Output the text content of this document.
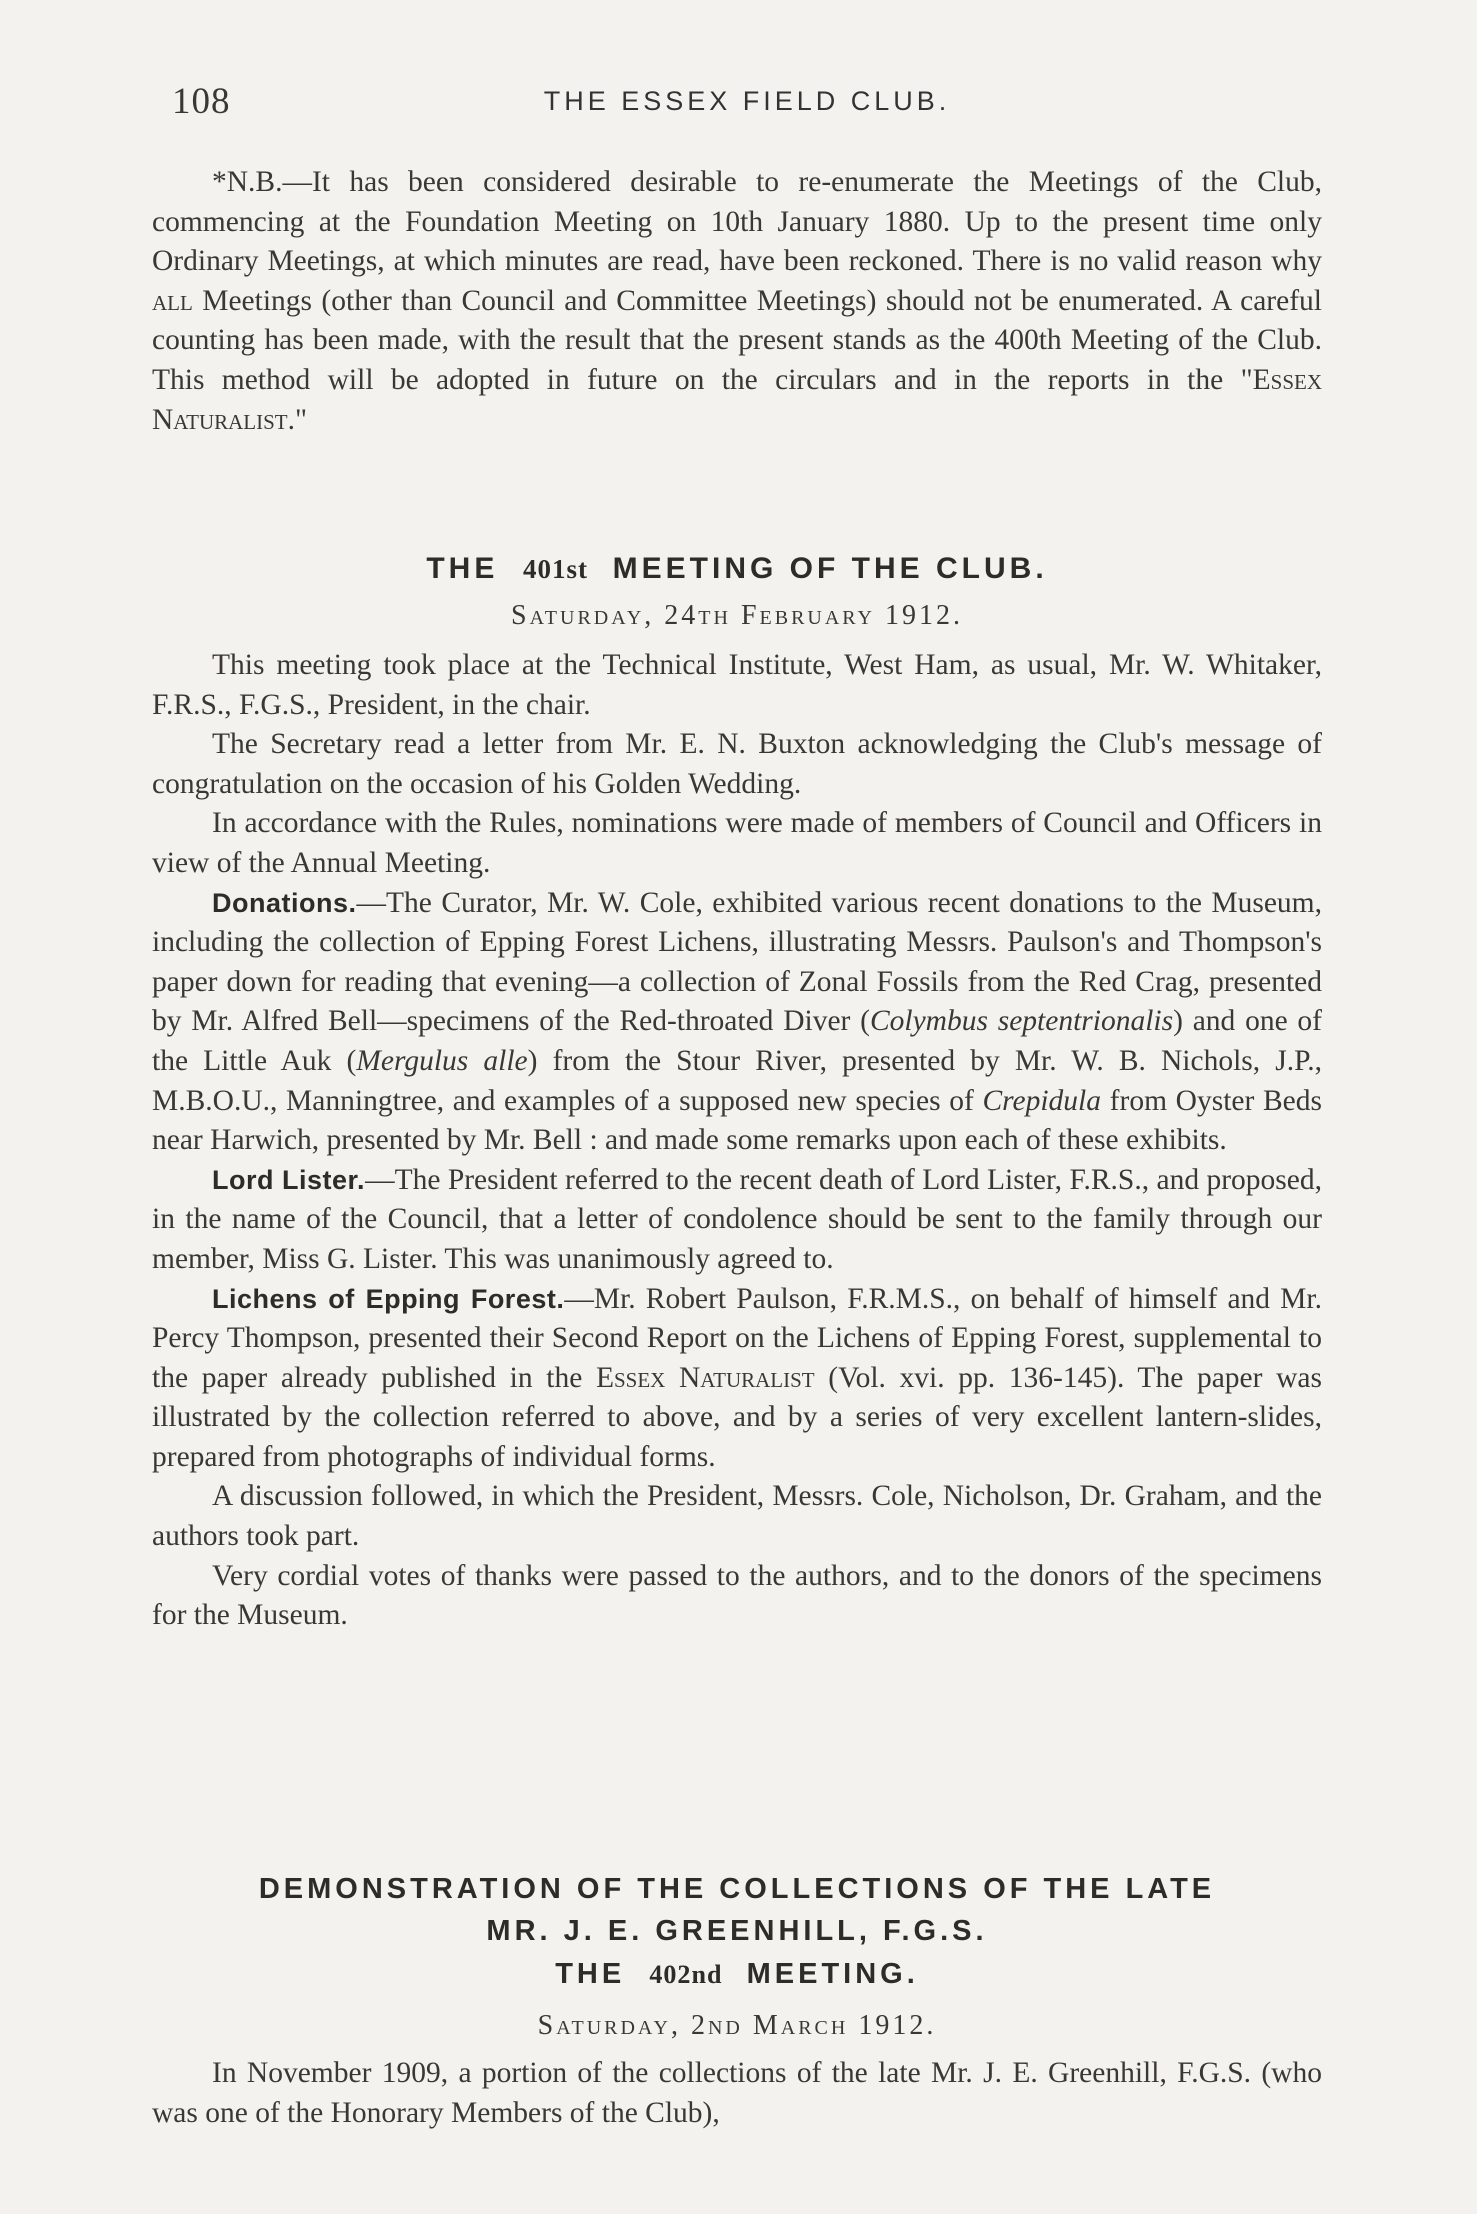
108	THE ESSEX FIELD CLUB.

*N.B.—It has been considered desirable to re-enumerate the Meetings of the Club, commencing at the Foundation Meeting on 10th January 1880. Up to the present time only Ordinary Meetings, at which minutes are read, have been reckoned. There is no valid reason why all Meetings (other than Council and Committee Meetings) should not be enumerated. A careful counting has been made, with the result that the present stands as the 400th Meeting of the Club. This method will be adopted in future on the circulars and in the reports in the "Essex Naturalist."

THE 401st MEETING OF THE CLUB.
Saturday, 24th February 1912.

This meeting took place at the Technical Institute, West Ham, as usual, Mr. W. Whitaker, F.R.S., F.G.S., President, in the chair.

The Secretary read a letter from Mr. E. N. Buxton acknowledging the Club's message of congratulation on the occasion of his Golden Wedding.

In accordance with the Rules, nominations were made of members of Council and Officers in view of the Annual Meeting.

Donations.—The Curator, Mr. W. Cole, exhibited various recent donations to the Museum, including the collection of Epping Forest Lichens, illustrating Messrs. Paulson's and Thompson's paper down for reading that evening—a collection of Zonal Fossils from the Red Crag, presented by Mr. Alfred Bell—specimens of the Red-throated Diver (Colymbus septentrionalis) and one of the Little Auk (Mergulus alle) from the Stour River, presented by Mr. W. B. Nichols, J.P., M.B.O.U., Manningtree, and examples of a supposed new species of Crepidula from Oyster Beds near Harwich, presented by Mr. Bell : and made some remarks upon each of these exhibits.

Lord Lister.—The President referred to the recent death of Lord Lister, F.R.S., and proposed, in the name of the Council, that a letter of condolence should be sent to the family through our member, Miss G. Lister. This was unanimously agreed to.

Lichens of Epping Forest.—Mr. Robert Paulson, F.R.M.S., on behalf of himself and Mr. Percy Thompson, presented their Second Report on the Lichens of Epping Forest, supplemental to the paper already published in the Essex Naturalist (Vol. xvi. pp. 136-145). The paper was illustrated by the collection referred to above, and by a series of very excellent lantern-slides, prepared from photographs of individual forms.

A discussion followed, in which the President, Messrs. Cole, Nicholson, Dr. Graham, and the authors took part.

Very cordial votes of thanks were passed to the authors, and to the donors of the specimens for the Museum.

DEMONSTRATION OF THE COLLECTIONS OF THE LATE
MR. J. E. GREENHILL, F.G.S.
THE 402nd MEETING.
Saturday, 2nd March 1912.

In November 1909, a portion of the collections of the late Mr. J. E. Greenhill, F.G.S. (who was one of the Honorary Members of the Club),
